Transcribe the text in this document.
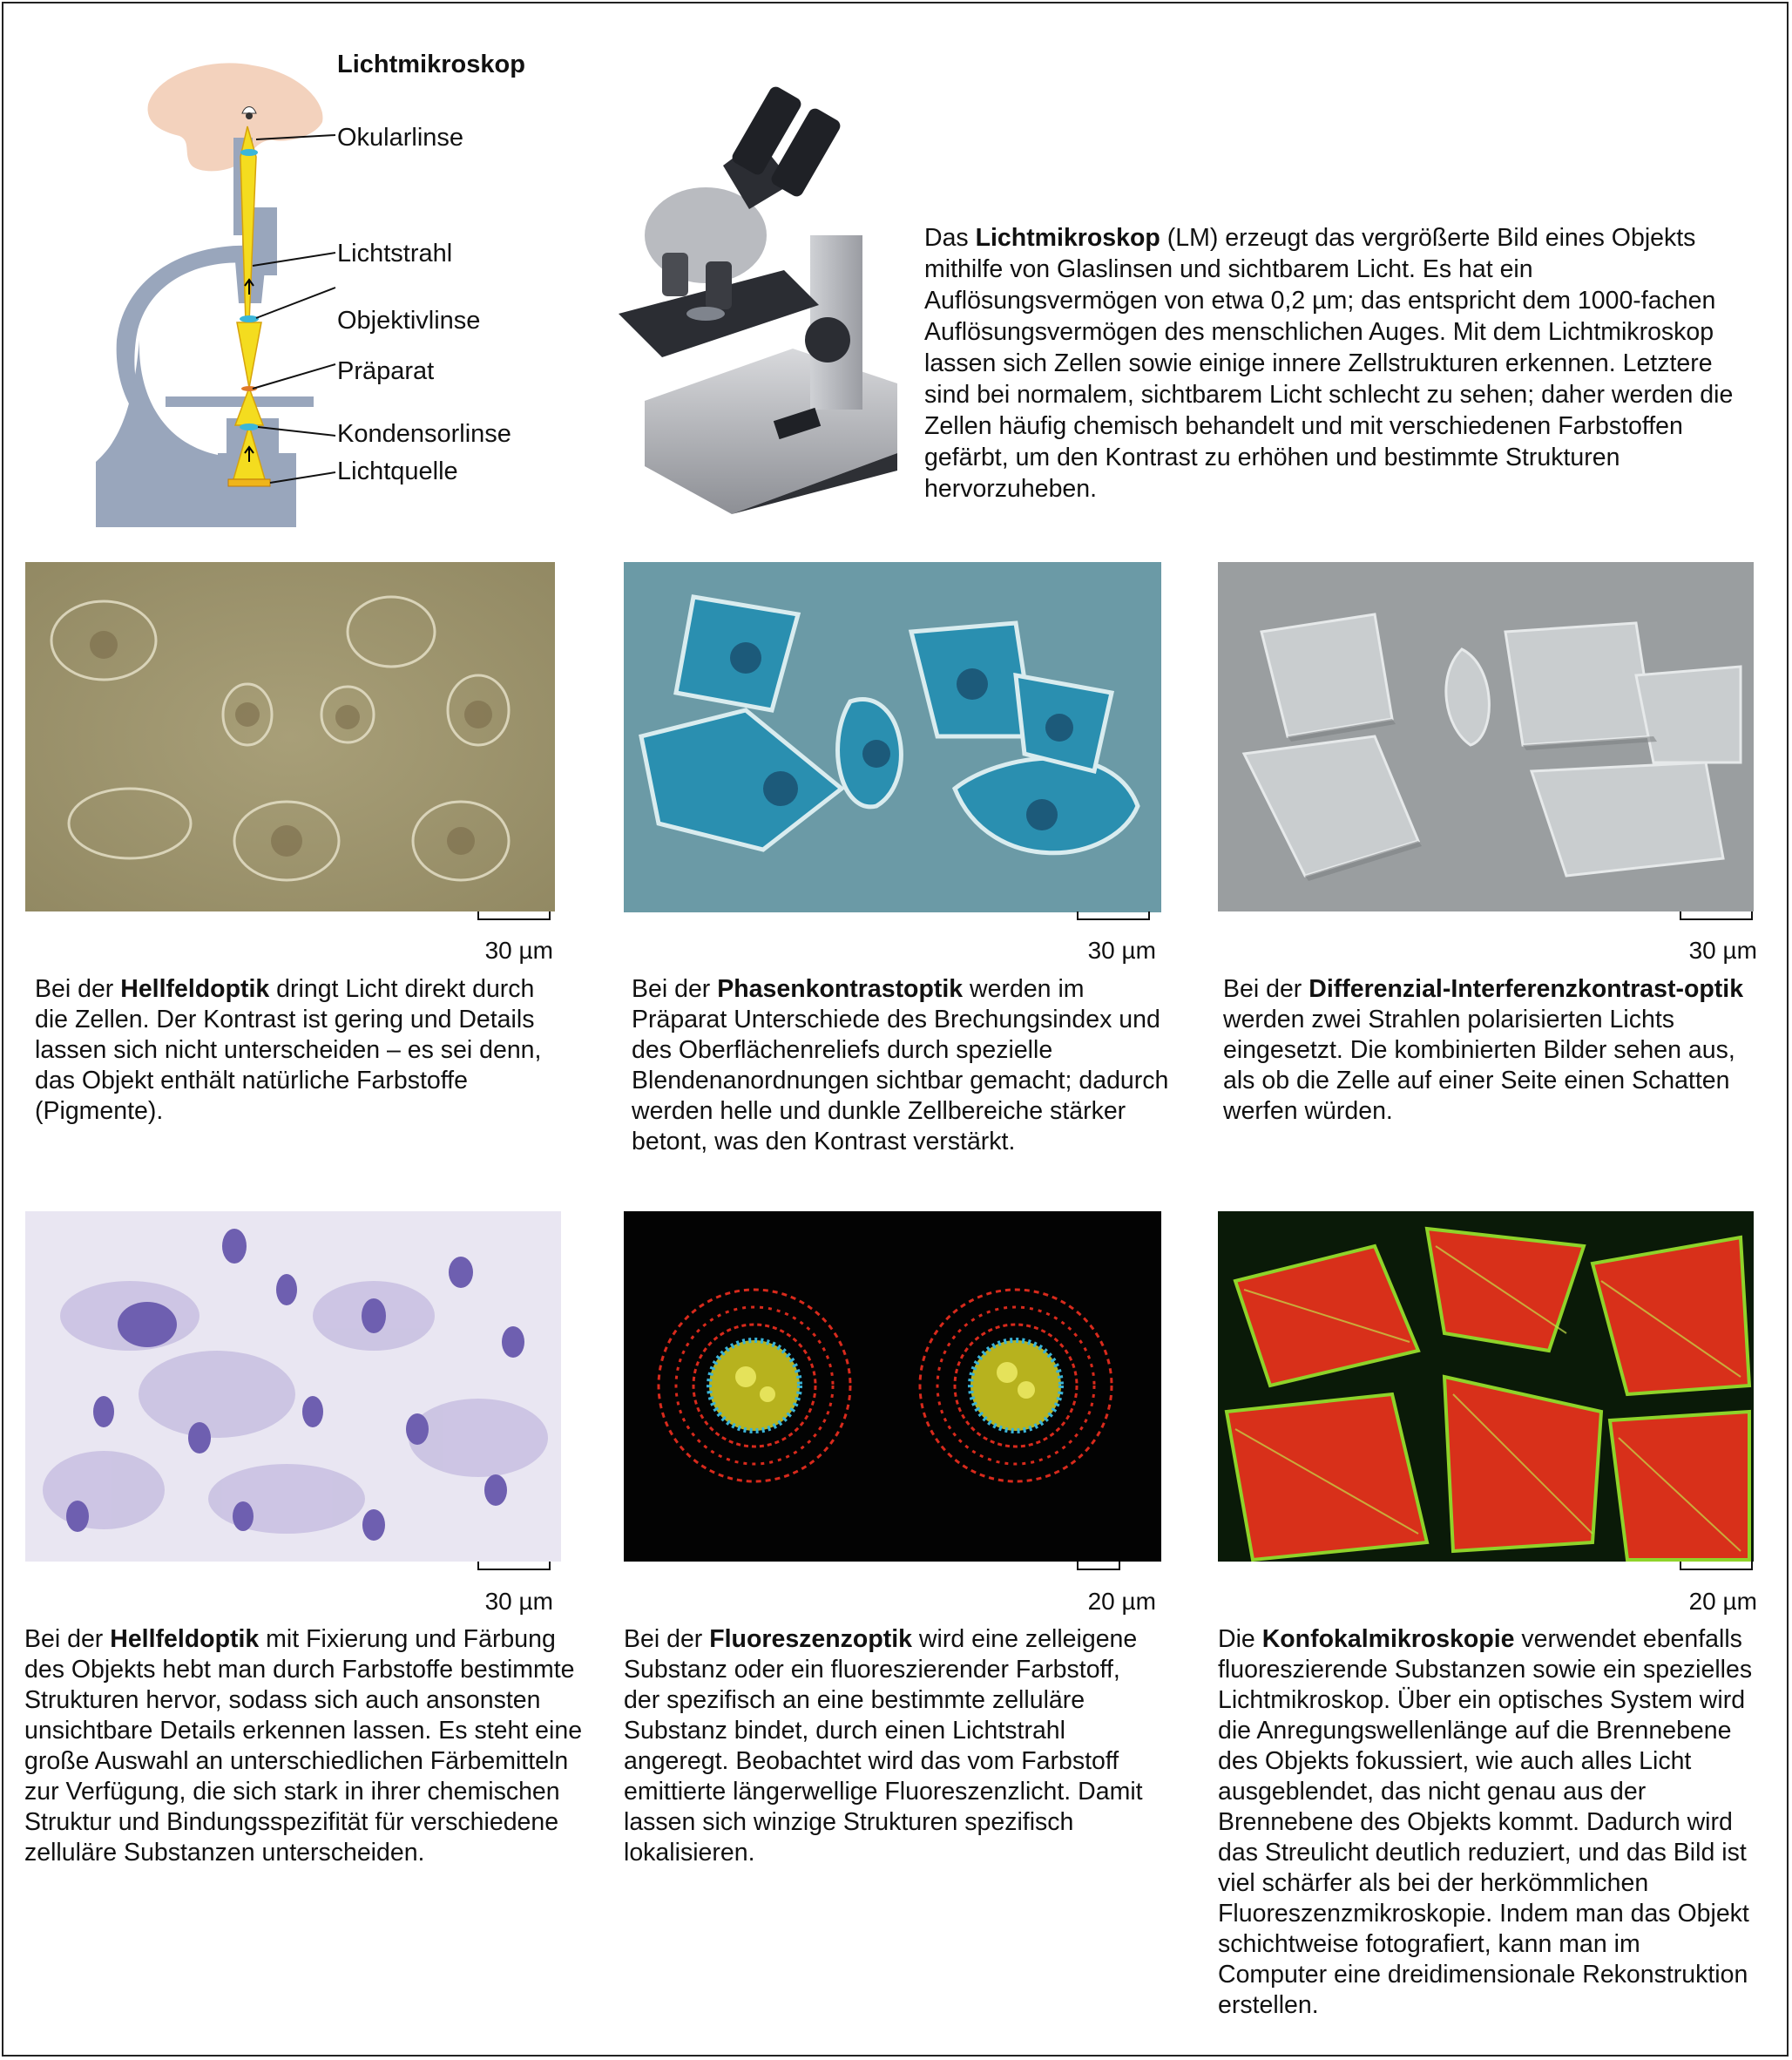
Lichtmikroskop
Okularlinse
Lichtstrahl
Objektivlinse
Präparat
Kondensorlinse
Lichtquelle
Das Lichtmikroskop (LM) erzeugt das vergrößerte Bild eines Objekts mithilfe von Glaslinsen und sichtbarem Licht. Es hat ein Auflösungsvermögen von etwa 0,2 µm; das entspricht dem 1000-fachen Auflösungsvermögen des menschlichen Auges. Mit dem Lichtmikroskop lassen sich Zellen sowie einige innere Zellstrukturen erkennen. Letztere sind bei normalem, sichtbarem Licht schlecht zu sehen; daher werden die Zellen häufig chemisch behandelt und mit verschiedenen Farbstoffen gefärbt, um den Kontrast zu erhöhen und bestimmte Strukturen hervorzuheben.
30 µm	30 µm	30 µm
Bei der Hellfeldoptik dringt Licht direkt durch die Zellen. Der Kontrast ist gering und Details lassen sich nicht unterscheiden – es sei denn, das Objekt enthält natürliche Farbstoffe (Pigmente).
Bei der Phasenkontrastoptik werden im Präparat Unterschiede des Brechungsindex und des Oberflächenreliefs durch spezielle Blendenanordnungen sichtbar gemacht; dadurch werden helle und dunkle Zellbereiche stärker betont, was den Kontrast verstärkt.
Bei der Differenzial-Interferenzkontrast-optik werden zwei Strahlen polarisierten Lichts eingesetzt. Die kombinierten Bilder sehen aus, als ob die Zelle auf einer Seite einen Schatten werfen würden.
30 µm	20 µm	20 µm
Bei der Hellfeldoptik mit Fixierung und Färbung des Objekts hebt man durch Farbstoffe bestimmte Strukturen hervor, sodass sich auch ansonsten unsichtbare Details erkennen lassen. Es steht eine große Auswahl an unterschiedlichen Färbemitteln zur Verfügung, die sich stark in ihrer chemischen Struktur und Bindungsspezifität für verschiedene zelluläre Substanzen unterscheiden.
Bei der Fluoreszenzoptik wird eine zelleigene Substanz oder ein fluoreszierender Farbstoff, der spezifisch an eine bestimmte zelluläre Substanz bindet, durch einen Lichtstrahl angeregt. Beobachtet wird das vom Farbstoff emittierte längerwellige Fluoreszenzlicht. Damit lassen sich winzige Strukturen spezifisch lokalisieren.
Die Konfokalmikroskopie verwendet ebenfalls fluoreszierende Substanzen sowie ein spezielles Lichtmikroskop. Über ein optisches System wird die Anregungswellenlänge auf die Brennebene des Objekts fokussiert, wie auch alles Licht ausgeblendet, das nicht genau aus der Brennebene des Objekts kommt. Dadurch wird das Streulicht deutlich reduziert, und das Bild ist viel schärfer als bei der herkömmlichen Fluoreszenzmikroskopie. Indem man das Objekt schichtweise fotografiert, kann man im Computer eine dreidimensionale Rekonstruktion erstellen.
